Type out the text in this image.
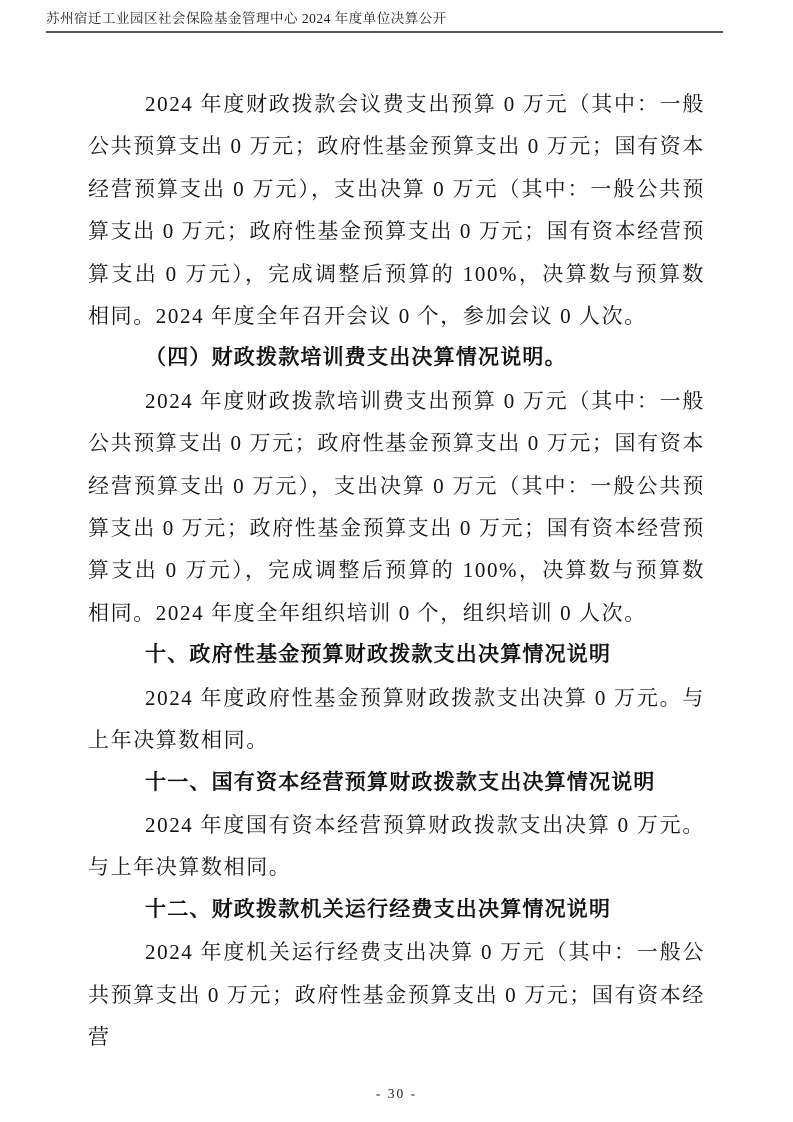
苏州宿迁工业园区社会保险基金管理中心 2024 年度单位决算公开

2024 年度财政拨款会议费支出预算 0 万元（其中：一般公共预算支出 0 万元；政府性基金预算支出 0 万元；国有资本经营预算支出 0 万元），支出决算 0 万元（其中：一般公共预算支出 0 万元；政府性基金预算支出 0 万元；国有资本经营预算支出 0 万元），完成调整后预算的 100%，决算数与预算数相同。2024 年度全年召开会议 0 个，参加会议 0 人次。

（四）财政拨款培训费支出决算情况说明。

2024 年度财政拨款培训费支出预算 0 万元（其中：一般公共预算支出 0 万元；政府性基金预算支出 0 万元；国有资本经营预算支出 0 万元），支出决算 0 万元（其中：一般公共预算支出 0 万元；政府性基金预算支出 0 万元；国有资本经营预算支出 0 万元），完成调整后预算的 100%，决算数与预算数相同。2024 年度全年组织培训 0 个，组织培训 0 人次。

十、政府性基金预算财政拨款支出决算情况说明

2024 年度政府性基金预算财政拨款支出决算 0 万元。与上年决算数相同。

十一、国有资本经营预算财政拨款支出决算情况说明

2024 年度国有资本经营预算财政拨款支出决算 0 万元。与上年决算数相同。

十二、财政拨款机关运行经费支出决算情况说明

2024 年度机关运行经费支出决算 0 万元（其中：一般公共预算支出 0 万元；政府性基金预算支出 0 万元；国有资本经营

- 30 -
